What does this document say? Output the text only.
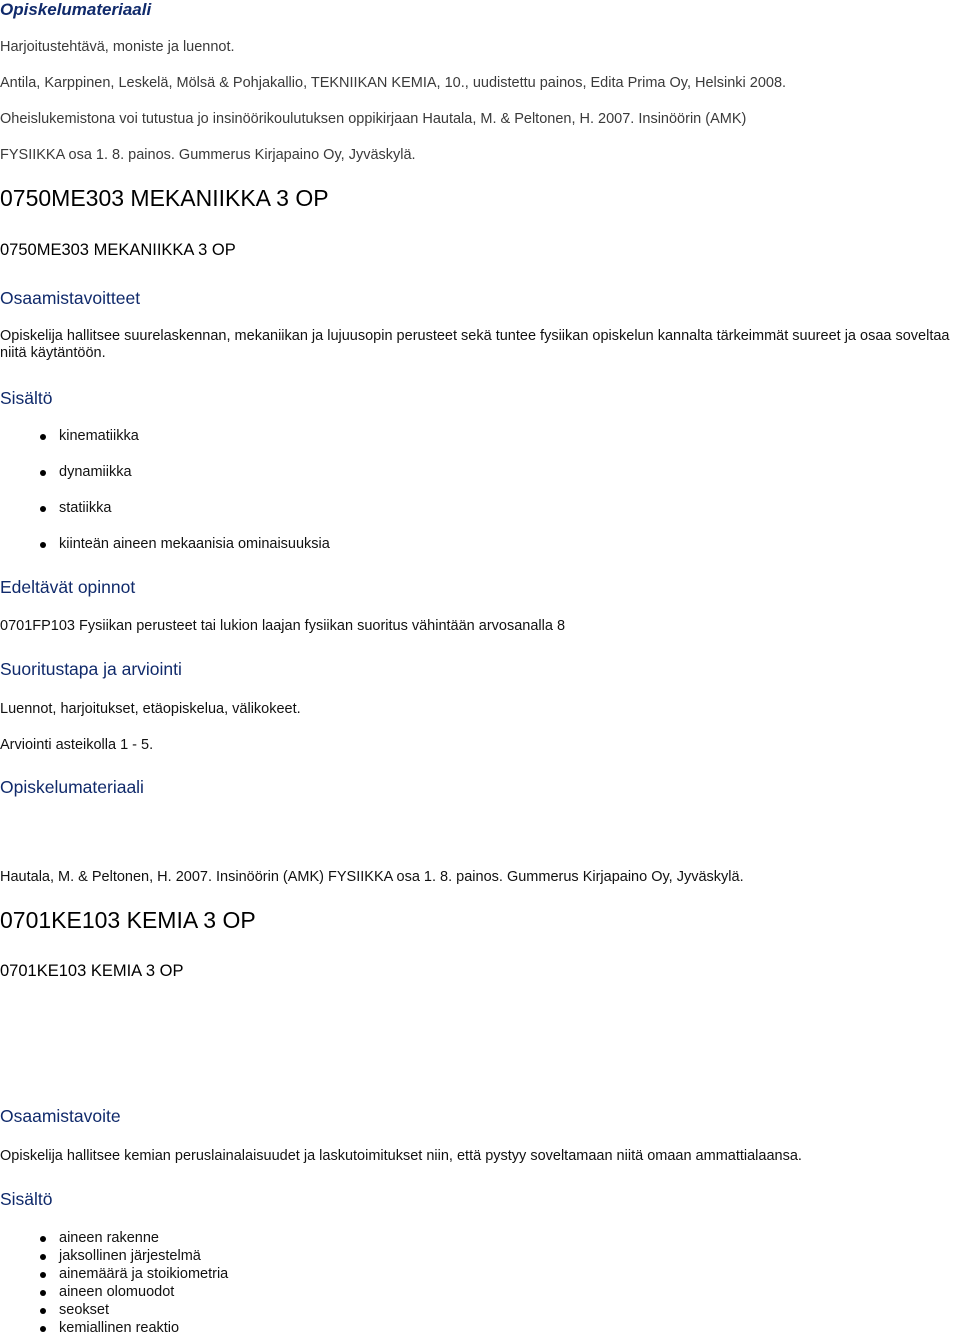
Opiskelumateriaali
Harjoitustehtävä, moniste ja luennot.
Antila, Karppinen, Leskelä, Mölsä & Pohjakallio, TEKNIIKAN KEMIA, 10., uudistettu painos, Edita Prima Oy, Helsinki 2008.
Oheislukemistona voi tutustua jo insinöörikoulutuksen oppikirjaan Hautala, M. & Peltonen, H. 2007. Insinöörin (AMK)
FYSIIKKA osa 1. 8. painos. Gummerus Kirjapaino Oy, Jyväskylä.
0750ME303 MEKANIIKKA 3 OP
0750ME303 MEKANIIKKA 3 OP
Osaamistavoitteet
Opiskelija hallitsee suurelaskennan, mekaniikan ja lujuusopin perusteet sekä tuntee fysiikan opiskelun kannalta tärkeimmät suureet ja osaa soveltaa niitä käytäntöön.
Sisältö
kinematiikka
dynamiikka
statiikka
kiinteän aineen mekaanisia ominaisuuksia
Edeltävät opinnot
0701FP103 Fysiikan perusteet tai lukion laajan fysiikan suoritus vähintään arvosanalla 8
Suoritustapa ja arviointi
Luennot, harjoitukset, etäopiskelua, välikokeet.
Arviointi asteikolla 1 - 5.
Opiskelumateriaali
Hautala, M. & Peltonen, H. 2007. Insinöörin (AMK) FYSIIKKA osa 1. 8. painos. Gummerus Kirjapaino Oy, Jyväskylä.
0701KE103 KEMIA 3 OP
0701KE103 KEMIA 3 OP
Osaamistavoite
Opiskelija hallitsee kemian peruslainalaisuudet ja laskutoimitukset niin, että pystyy soveltamaan niitä omaan ammattialaansa.
Sisältö
aineen rakenne
jaksollinen järjestelmä
ainemäärä ja stoikiometria
aineen olomuodot
seokset
kemiallinen reaktio
